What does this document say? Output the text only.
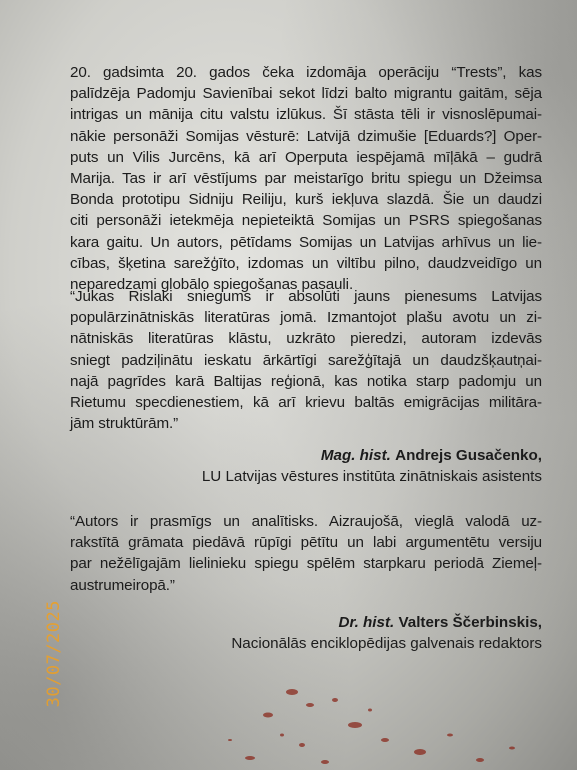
20. gadsimta 20. gados čeka izdomāja operāciju “Trests”, kas
palīdzēja Padomju Savienībai sekot līdzi balto migrantu gaitām, sēja
intrigas un mānija citu valstu izlūkus. Šī stāsta tēli ir visnoslēpumai-
nākie personāži Somijas vēsturē: Latvijā dzimušie [Eduards?] Oper-
puts un Vilis Jurcēns, kā arī Operputa iespējamā mīļākā – gudrā
Marija. Tas ir arī vēstījums par meistarīgo britu spiegu un Džeimsa
Bonda prototipu Sidniju Reiliju, kurš iekļuva slazdā. Šie un daudzi
citi personāži ietekmēja nepieteiktā Somijas un PSRS spiegošanas
kara gaitu. Un autors, pētīdams Somijas un Latvijas arhīvus un lie-
cības, šķetina sarežģīto, izdomas un viltību pilno, daudzveidīgo un
neparedzami globālo spiegošanas pasauli.
“Jukas Rislaki sniegums ir absolūti jauns pienesums Latvijas
populārzinātniskās literatūras jomā. Izmantojot plašu avotu un zi-
nātniskās literatūras klāstu, uzkrāto pieredzi, autoram izdevās
sniegt padziļinātu ieskatu ārkārtīgi sarežģītajā un daudzšķautņai-
najā pagrīdes karā Baltijas reģionā, kas notika starp padomju un
Rietumu specdienestiem, kā arī krievu baltās emigrācijas militāra-
jām struktūrām.”
Mag. hist. Andrejs Gusačenko,
LU Latvijas vēstures institūta zinātniskais asistents
“Autors ir prasmīgs un analītisks. Aizraujošā, vieglā valodā uz-
rakstītā grāmata piedāvā rūpīgi pētītu un labi argumentētu versiju
par nežēlīgajām lielinieku spiegu spēlēm starpkaru periodā Ziemeļ-
austrumeiropā.”
Dr. hist. Valters Ščerbinskis,
Nacionālās enciklopēdijas galvenais redaktors
30/07/2025
